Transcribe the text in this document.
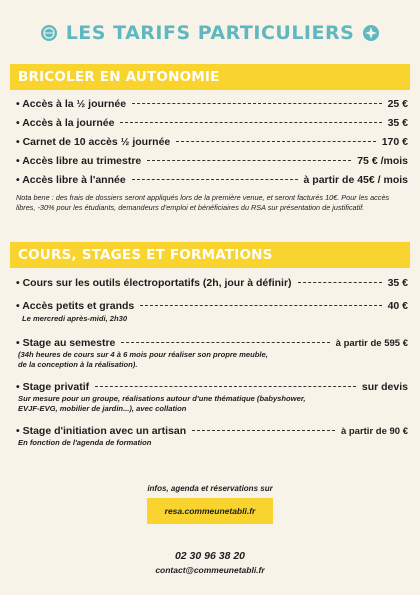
LES TARIFS PARTICULIERS
BRICOLER EN AUTONOMIE
• Accès à la ½ journée	25 €
• Accès à la journée	35 €
• Carnet de 10 accès ½ journée	170 €
• Accès libre au trimestre	75 € /mois
• Accès libre à l'année	à partir de 45€ / mois
Nota bene : des frais de dossiers seront appliqués lors de la première venue, et seront facturés 10€. Pour les accès libres, -30% pour les étudiants, demandeurs d'emploi et bénéficiaires du RSA sur présentation de justificatif.
COURS, STAGES ET FORMATIONS
• Cours sur les outils électroportatifs (2h, jour à définir)	35 €
• Accès petits et grands	40 €
Le mercredi après-midi, 2h30
• Stage au semestre	à partir de 595 €
(34h heures de cours sur 4 à 6 mois pour réaliser son propre meuble, de la conception à la réalisation).
• Stage privatif	sur devis
Sur mesure pour un groupe, réalisations autour d'une thématique (babyshower, EVJF-EVG, mobilier de jardin...), avec collation
• Stage d'initiation avec un artisan	à partir de 90 €
En fonction de l'agenda de formation
infos, agenda et réservations sur
resa.commeunetabli.fr
02 30 96 38 20
contact@commeunetabli.fr
